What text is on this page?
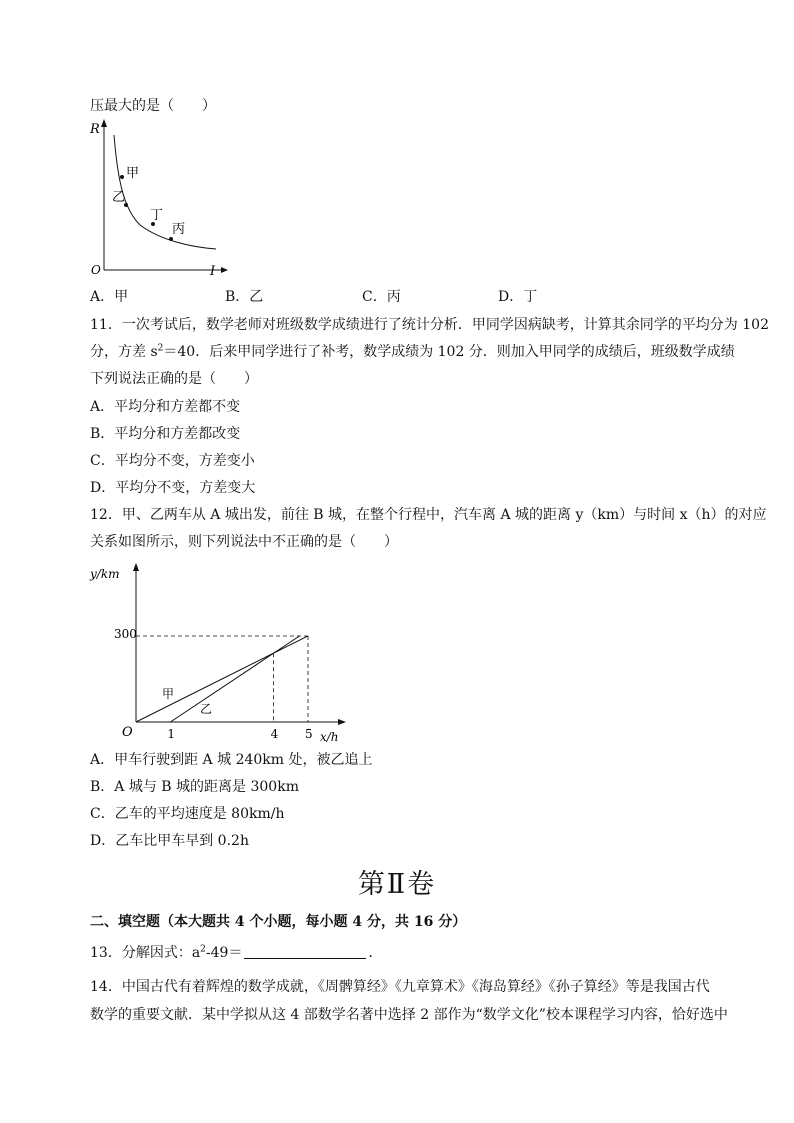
压最大的是（　　）
R
I
O
甲
乙
丁
丙
A．甲	B．乙	C．丙	D．丁
11．一次考试后，数学老师对班级数学成绩进行了统计分析．甲同学因病缺考，计算其余同学的平均分为 102
分，方差 $s^2=40$．后来甲同学进行了补考，数学成绩为 102 分．则加入甲同学的成绩后，班级数学成绩
下列说法正确的是（　　）
A．平均分和方差都不变
B．平均分和方差都改变
C．平均分不变，方差变小
D．平均分不变，方差变大
12．甲、乙两车从 A 城出发，前往 B 城，在整个行程中，汽车离 A 城的距离 y（km）与时间 x（h）的对应
关系如图所示，则下列说法中不正确的是（　　）
y/km
x/h
O
300
1	4 5
甲
乙
A．甲车行驶到距 A 城 240km 处，被乙追上
B．A 城与 B 城的距离是 300km
C．乙车的平均速度是 80km/h
D．乙车比甲车早到 0.2h
第Ⅱ卷
二、填空题（本大题共 4 个小题，每小题 4 分，共 16 分）
13．分解因式：$a^2-49=$	．
14．中国古代有着辉煌的数学成就，《周髀算经》《九章算术》《海岛算经》《孙子算经》等是我国古代
数学的重要文献．某中学拟从这 4 部数学名著中选择 2 部作为“数学文化”校本课程学习内容，恰好选中
